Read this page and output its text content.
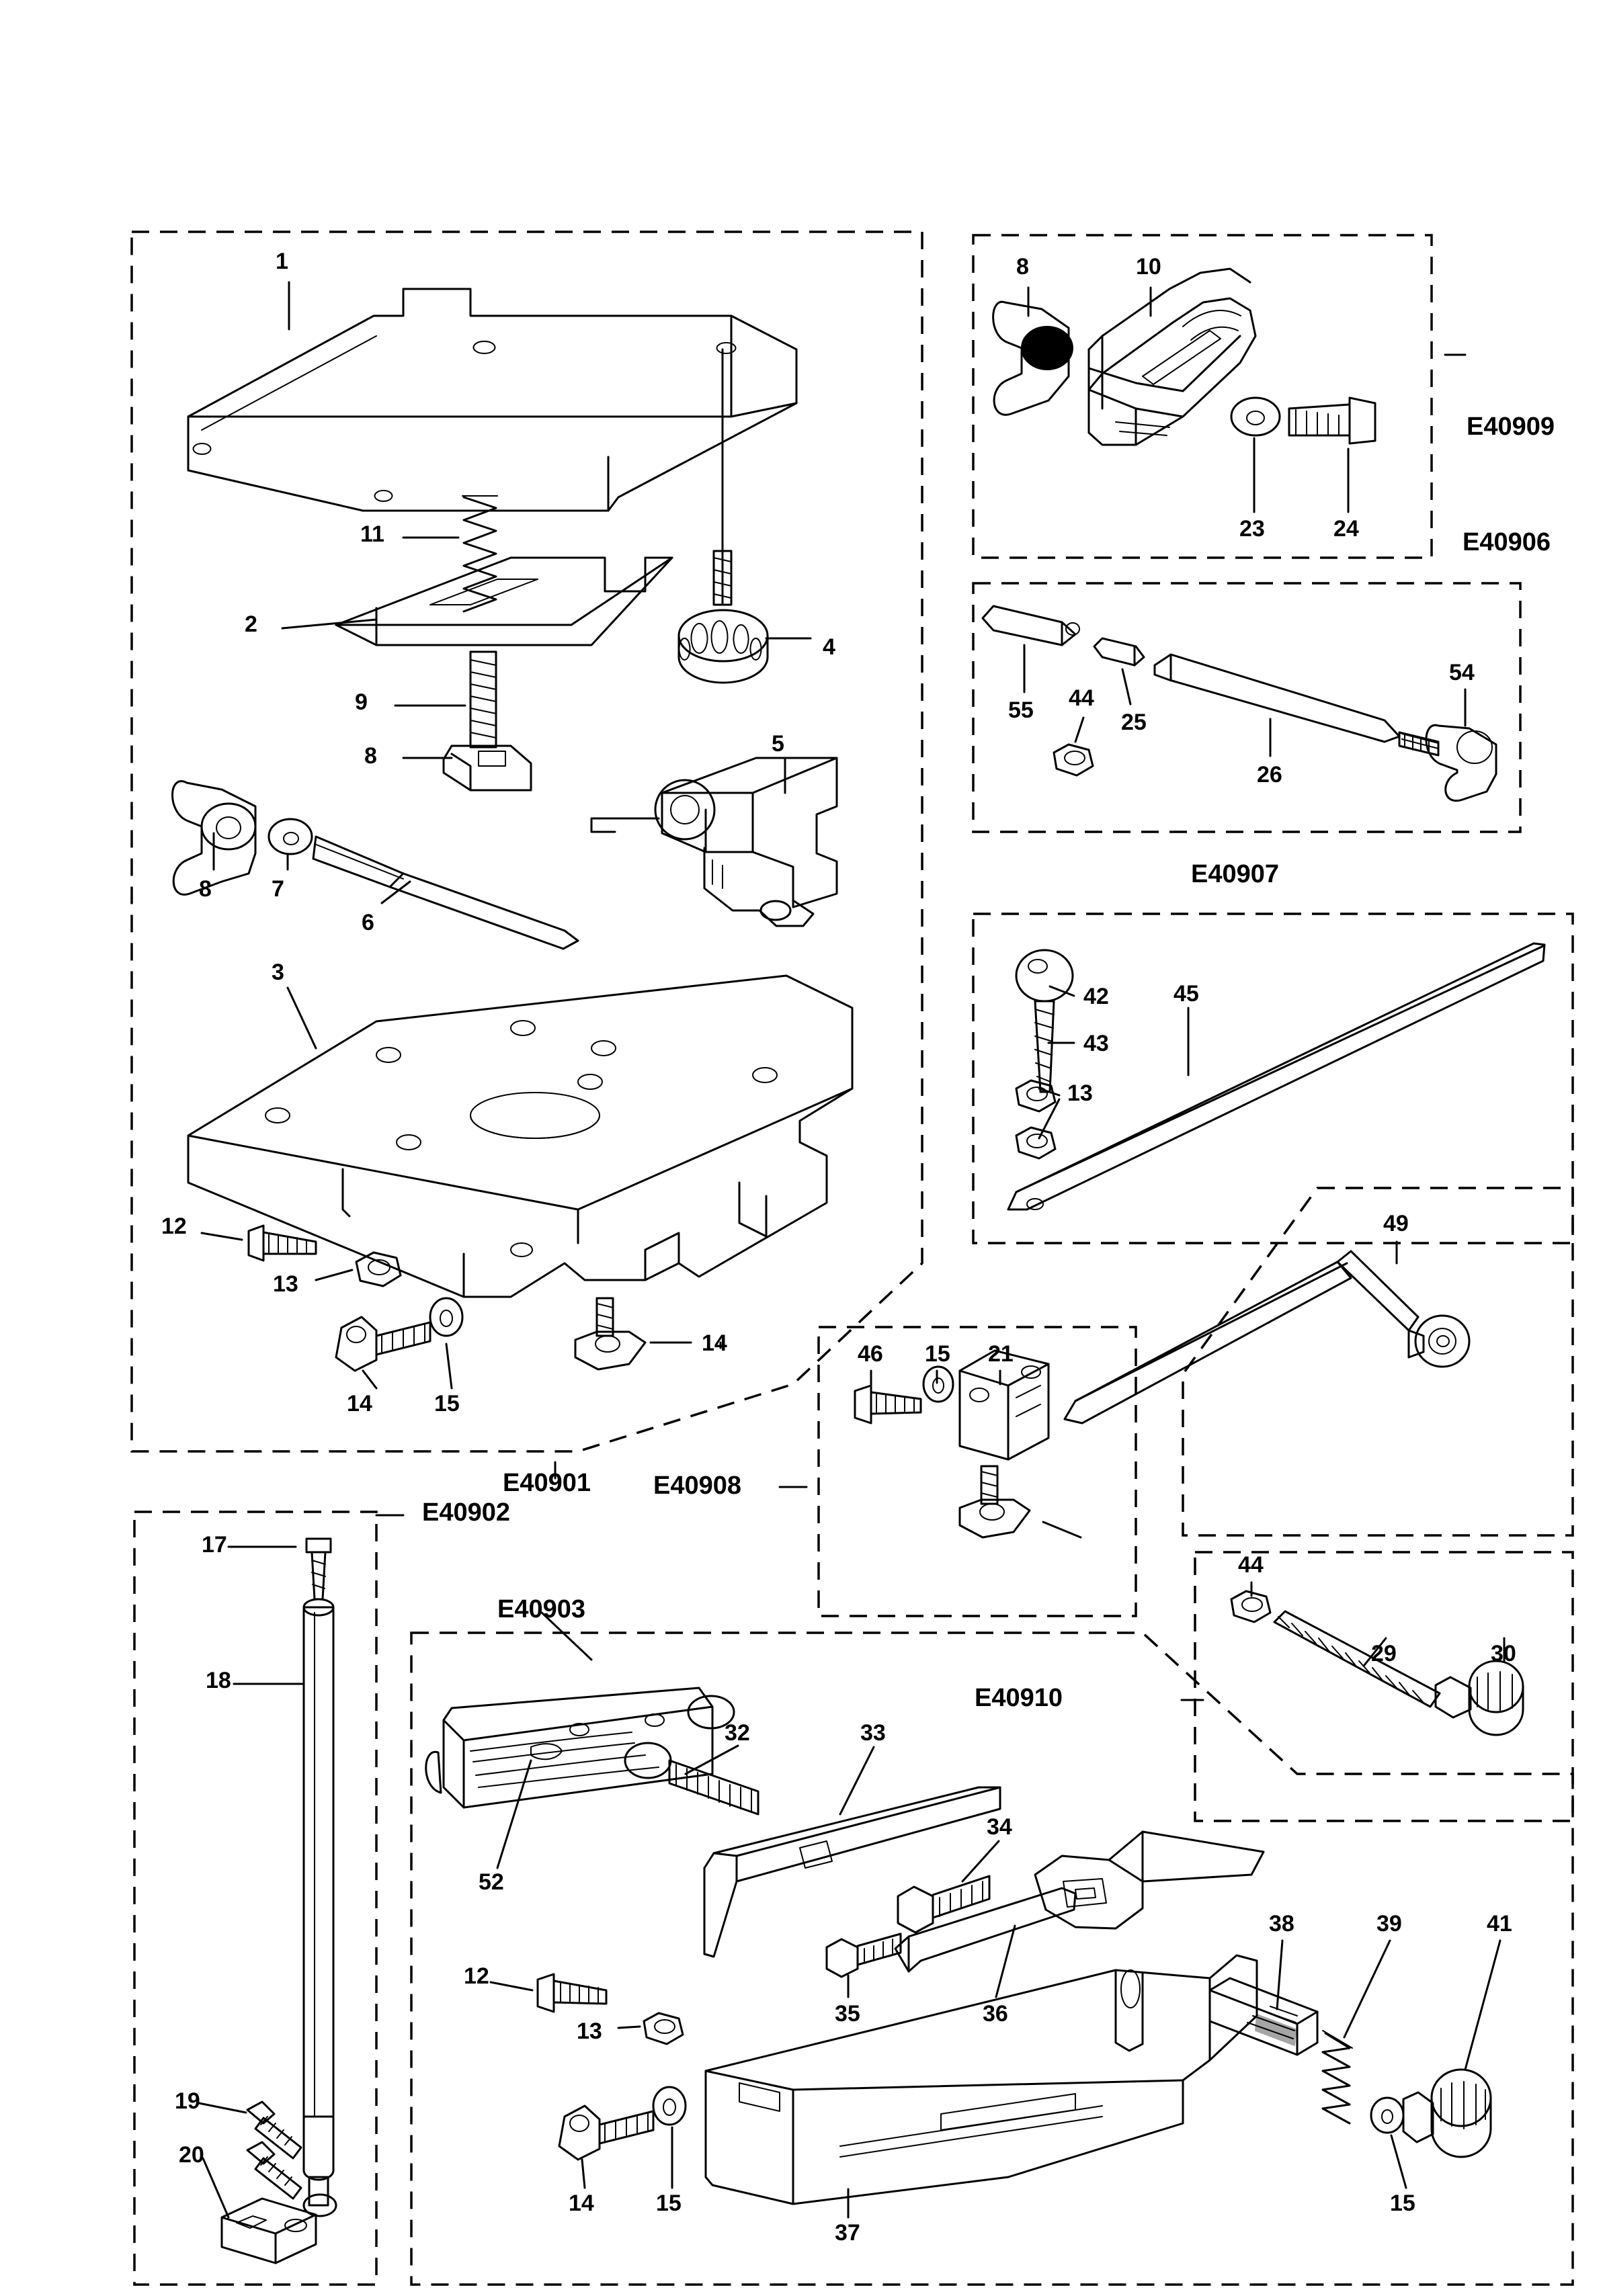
1
11
2
9
8
4
5
8	7
6
3
12
13
14	15
14
8	10
23	24
55 44
25
26
54
42
43
13
45
49
46 15 21
44
29	30
17
18
19
20
52
32	33
34
12
13
35	36
14	15
37
38	39	41
15
E40901
E40902
E40903
E40906
E40907
E40908
E40909
E40910
